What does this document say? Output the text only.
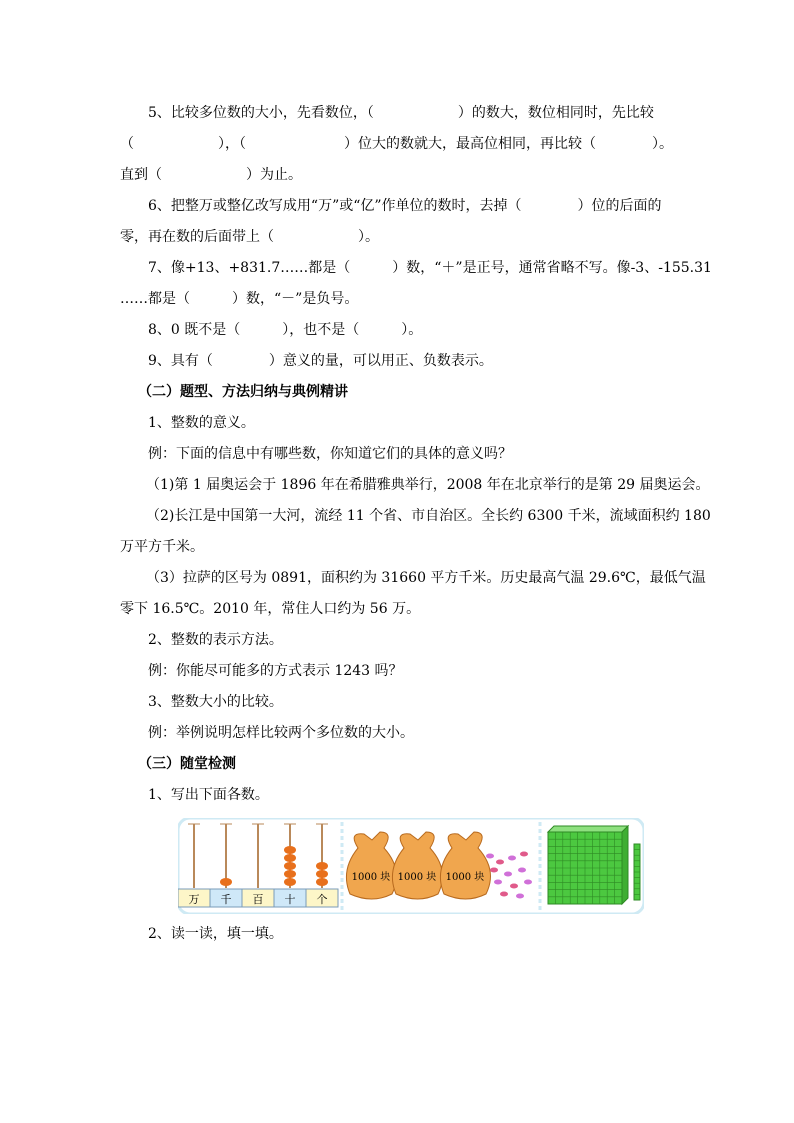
5、比较多位数的大小，先看数位，（　　　　　　）的数大，数位相同时，先比较
（　　　　　　），（　　　　　　　）位大的数就大，最高位相同，再比较（　　　　）。
直到（　　　　　　）为止。
6、把整万或整亿改写成用“万”或“亿”作单位的数时，去掉（　　　　）位的后面的
零，再在数的后面带上（　　　　　　）。
7、像+13、+831.7……都是（　　　）数，“＋”是正号，通常省略不写。像-3、-155.31
……都是（　　　）数，“－”是负号。
8、0 既不是（　　　），也不是（　　　）。
9、具有（　　　　）意义的量，可以用正、负数表示。
（二）题型、方法归纳与典例精讲
1、整数的意义。
例：下面的信息中有哪些数，你知道它们的具体的意义吗？
（1)第 1 届奥运会于 1896 年在希腊雅典举行，2008 年在北京举行的是第 29 届奥运会。
（2)长江是中国第一大河，流经 11 个省、市自治区。全长约 6300 千米，流域面积约 180
万平方千米。
（3）拉萨的区号为 0891，面积约为 31660 平方千米。历史最高气温 29.6℃，最低气温
零下 16.5℃。2010 年，常住人口约为 56 万。
2、整数的表示方法。
例：你能尽可能多的方式表示 1243 吗？
3、整数大小的比较。
例：举例说明怎样比较两个多位数的大小。
（三）随堂检测
1、写出下面各数。
万 千 百 十 个
1000 块 1000 块 1000 块
2、读一读，填一填。
